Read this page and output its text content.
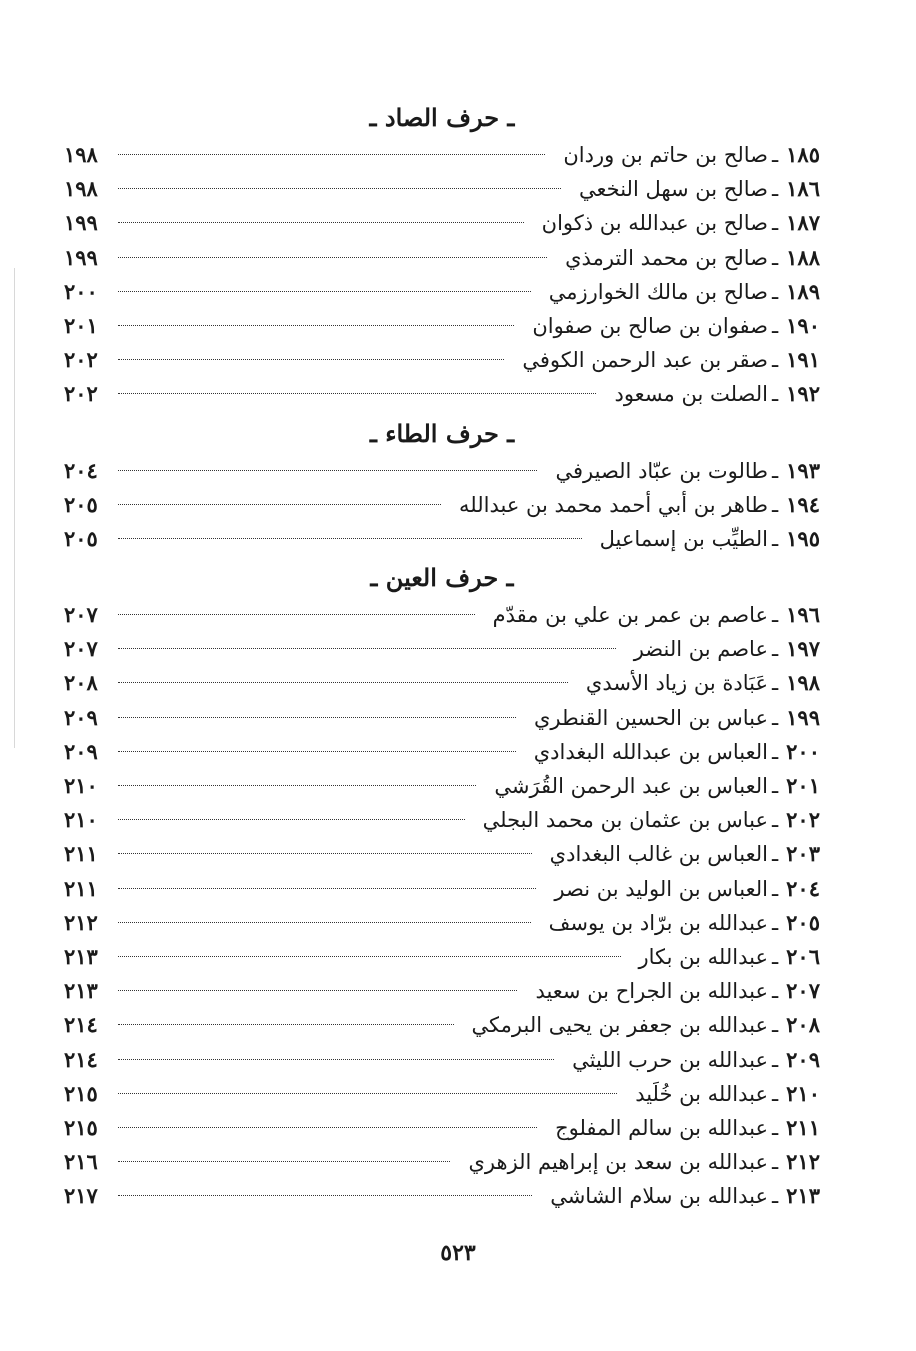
ـ حرف الصاد ـ
١٨٥
ـ
صالح بن حاتم بن وردان
١٩٨
١٨٦
ـ
صالح بن سهل النخعي
١٩٨
١٨٧
ـ
صالح بن عبدالله بن ذكوان
١٩٩
١٨٨
ـ
صالح بن محمد الترمذي
١٩٩
١٨٩
ـ
صالح بن مالك الخوارزمي
٢٠٠
١٩٠
ـ
صفوان بن صالح بن صفوان
٢٠١
١٩١
ـ
صقر بن عبد الرحمن الكوفي
٢٠٢
١٩٢
ـ
الصلت بن مسعود
٢٠٢
ـ حرف الطاء ـ
١٩٣
ـ
طالوت بن عبّاد الصيرفي
٢٠٤
١٩٤
ـ
طاهر بن أبي أحمد محمد بن عبدالله
٢٠٥
١٩٥
ـ
الطيِّب بن إسماعيل
٢٠٥
ـ حرف العين ـ
١٩٦
ـ
عاصم بن عمر بن علي بن مقدّم
٢٠٧
١٩٧
ـ
عاصم بن النضر
٢٠٧
١٩٨
ـ
عَبَادة بن زياد الأسدي
٢٠٨
١٩٩
ـ
عباس بن الحسين القنطري
٢٠٩
٢٠٠
ـ
العباس بن عبدالله البغدادي
٢٠٩
٢٠١
ـ
العباس بن عبد الرحمن القُرَشي
٢١٠
٢٠٢
ـ
عباس بن عثمان بن محمد البجلي
٢١٠
٢٠٣
ـ
العباس بن غالب البغدادي
٢١١
٢٠٤
ـ
العباس بن الوليد بن نصر
٢١١
٢٠٥
ـ
عبدالله بن برّاد بن يوسف
٢١٢
٢٠٦
ـ
عبدالله بن بكار
٢١٣
٢٠٧
ـ
عبدالله بن الجراح بن سعيد
٢١٣
٢٠٨
ـ
عبدالله بن جعفر بن يحيى البرمكي
٢١٤
٢٠٩
ـ
عبدالله بن حرب الليثي
٢١٤
٢١٠
ـ
عبدالله بن خُلَيد
٢١٥
٢١١
ـ
عبدالله بن سالم المفلوج
٢١٥
٢١٢
ـ
عبدالله بن سعد بن إبراهيم الزهري
٢١٦
٢١٣
ـ
عبدالله بن سلام الشاشي
٢١٧
٥٢٣
